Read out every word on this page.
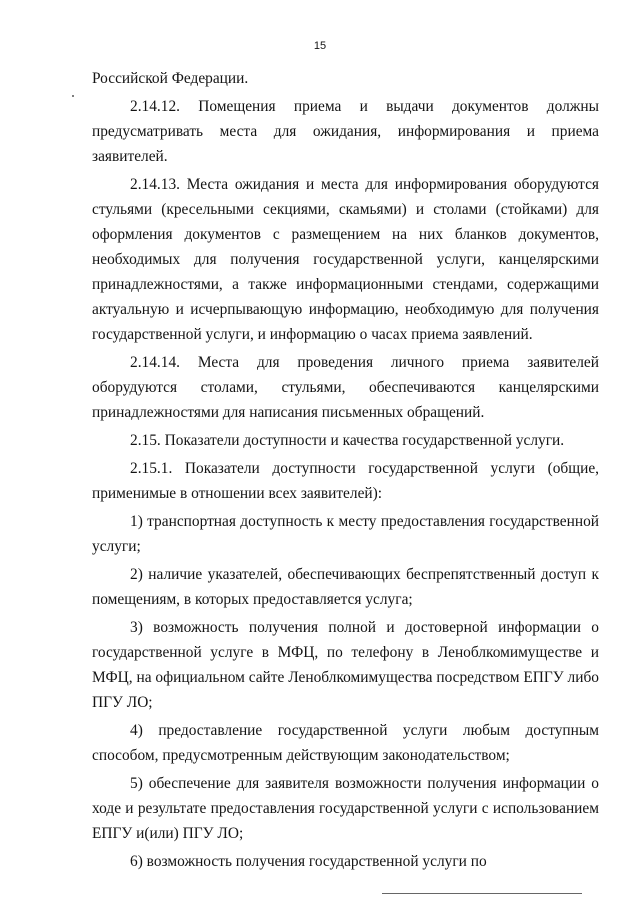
15

Российской Федерации.

2.14.12. Помещения приема и выдачи документов должны предусматривать места для ожидания, информирования и приема заявителей.

2.14.13. Места ожидания и места для информирования оборудуются стульями (кресельными секциями, скамьями) и столами (стойками) для оформления документов с размещением на них бланков документов, необходимых для получения государственной услуги, канцелярскими принадлежностями, а также информационными стендами, содержащими актуальную и исчерпывающую информацию, необходимую для получения государственной услуги, и информацию о часах приема заявлений.

2.14.14. Места для проведения личного приема заявителей оборудуются столами, стульями, обеспечиваются канцелярскими принадлежностями для написания письменных обращений.

2.15. Показатели доступности и качества государственной услуги.

2.15.1. Показатели доступности государственной услуги (общие, применимые в отношении всех заявителей):

1) транспортная доступность к месту предоставления государственной услуги;

2) наличие указателей, обеспечивающих беспрепятственный доступ к помещениям, в которых предоставляется услуга;

3) возможность получения полной и достоверной информации о государственной услуге в МФЦ, по телефону в Леноблкомимуществе и МФЦ, на официальном сайте Леноблкомимущества посредством ЕПГУ либо ПГУ ЛО;

4) предоставление государственной услуги любым доступным способом, предусмотренным действующим законодательством;

5) обеспечение для заявителя возможности получения информации о ходе и результате предоставления государственной услуги с использованием ЕПГУ и(или) ПГУ ЛО;

6) возможность получения государственной услуги по
